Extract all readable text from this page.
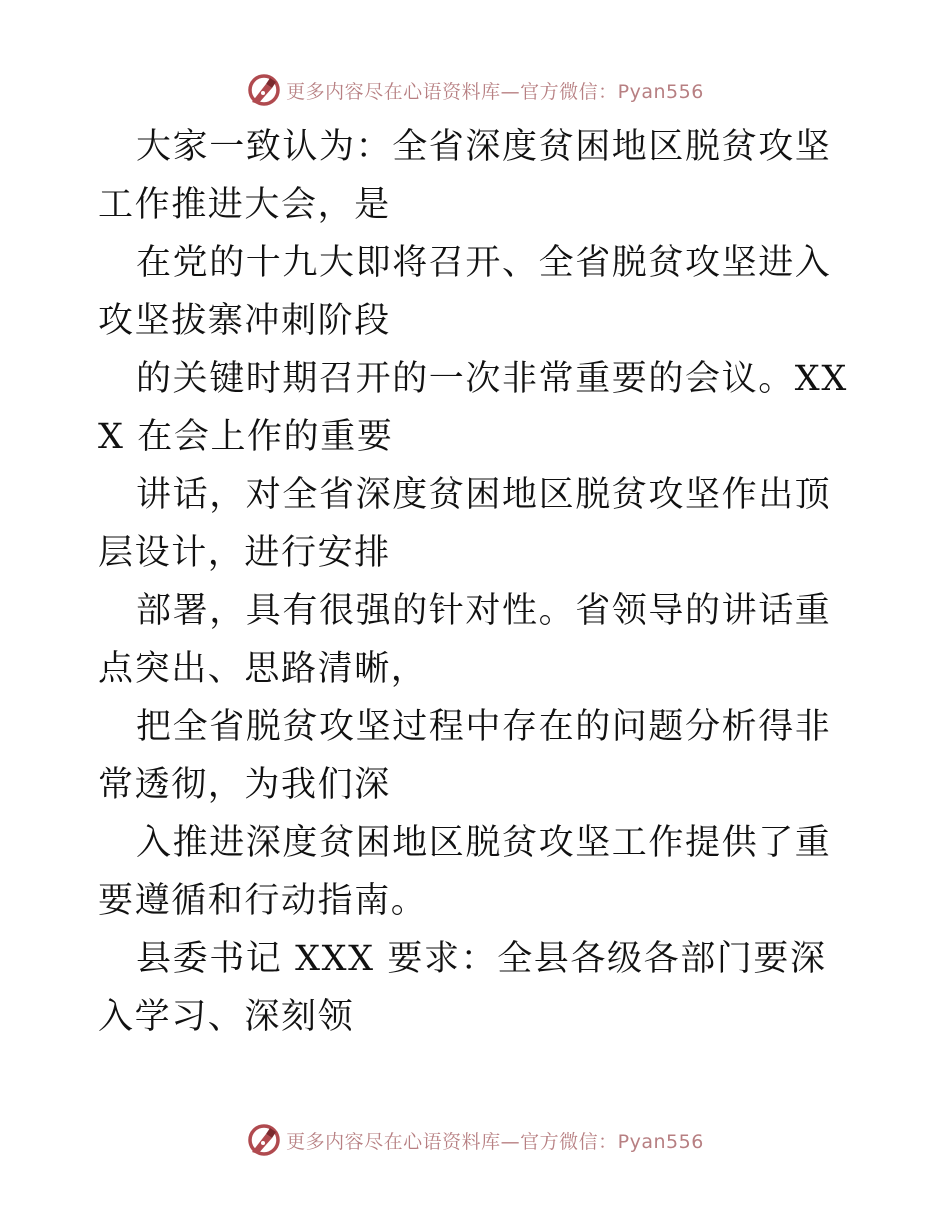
更多内容尽在心语资料库—官方微信：Pyan556

大家一致认为：全省深度贫困地区脱贫攻坚工作推进大会，是

在党的十九大即将召开、全省脱贫攻坚进入攻坚拔寨冲刺阶段

的关键时期召开的一次非常重要的会议。XXX 在会上作的重要

讲话，对全省深度贫困地区脱贫攻坚作出顶层设计，进行安排

部署，具有很强的针对性。省领导的讲话重点突出、思路清晰，

把全省脱贫攻坚过程中存在的问题分析得非常透彻，为我们深

入推进深度贫困地区脱贫攻坚工作提供了重要遵循和行动指南。

县委书记 XXX 要求：全县各级各部门要深入学习、深刻领

更多内容尽在心语资料库—官方微信：Pyan556
